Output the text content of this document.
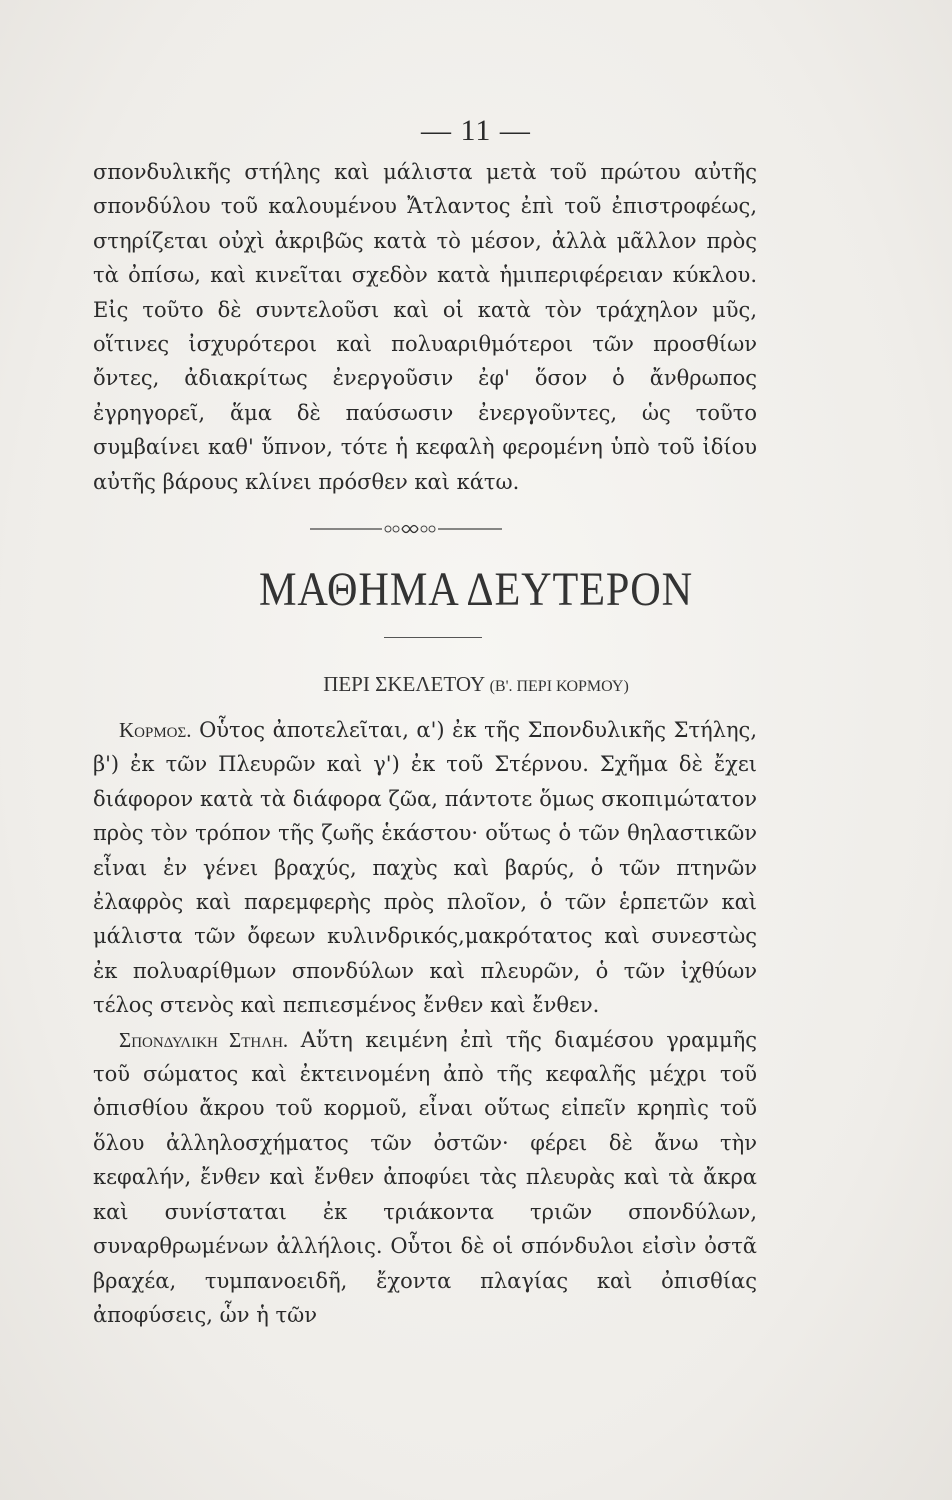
— 11 —

σπονδυλικῆς στήλης καὶ μάλιστα μετὰ τοῦ πρώτου αὐτῆς σπονδύλου τοῦ καλουμένου Ἄτλαντος ἐπὶ τοῦ ἐπιστροφέως, στηρίζεται οὐχὶ ἀκριβῶς κατὰ τὸ μέσον, ἀλλὰ μᾶλλον πρὸς τὰ ὀπίσω, καὶ κινεῖται σχεδὸν κατὰ ἡμιπεριφέρειαν κύκλου. Εἰς τοῦτο δὲ συντελοῦσι καὶ οἱ κατὰ τὸν τράχηλον μῦς, οἵτινες ἰσχυρότεροι καὶ πολυαριθμότεροι τῶν προσθίων ὄντες, ἀδιακρίτως ἐνεργοῦσιν ἐφ' ὅσον ὁ ἄνθρωπος ἐγρηγορεῖ, ἅμα δὲ παύσωσιν ἐνεργοῦντες, ὡς τοῦτο συμβαίνει καθ' ὕπνον, τότε ἡ κεφαλὴ φερομένη ὑπὸ τοῦ ἰδίου αὐτῆς βάρους κλίνει πρόσθεν καὶ κάτω.

ΜΑΘΗΜΑ ΔΕΥΤΕΡΟΝ
ΠΕΡΙ ΣΚΕΛΕΤΟΥ (Β'. ΠΕΡΙ ΚΟΡΜΟΥ)

Κορμος. Οὗτος ἀποτελεῖται, α') ἐκ τῆς Σπονδυλικῆς Στήλης, β') ἐκ τῶν Πλευρῶν καὶ γ') ἐκ τοῦ Στέρνου. Σχῆμα δὲ ἔχει διάφορον κατὰ τὰ διάφορα ζῶα, πάντοτε ὅμως σκοπιμώτατον πρὸς τὸν τρόπον τῆς ζωῆς ἑκάστου· οὕτως ὁ τῶν θηλαστικῶν εἶναι ἐν γένει βραχύς, παχὺς καὶ βαρύς, ὁ τῶν πτηνῶν ἐλαφρὸς καὶ παρεμφερὴς πρὸς πλοῖον, ὁ τῶν ἑρπετῶν καὶ μάλιστα τῶν ὄφεων κυλινδρικός,μακρότατος καὶ συνεστὼς ἐκ πολυαρίθμων σπονδύλων καὶ πλευρῶν, ὁ τῶν ἰχθύων τέλος στενὸς καὶ πεπιεσμένος ἔνθεν καὶ ἔνθεν.

Σπονδυλικη Στηλη. Αὕτη κειμένη ἐπὶ τῆς διαμέσου γραμμῆς τοῦ σώματος καὶ ἐκτεινομένη ἀπὸ τῆς κεφαλῆς μέχρι τοῦ ὀπισθίου ἄκρου τοῦ κορμοῦ, εἶναι οὕτως εἰπεῖν κρηπὶς τοῦ ὅλου ἀλληλοσχήματος τῶν ὀστῶν· φέρει δὲ ἄνω τὴν κεφαλήν, ἔνθεν καὶ ἔνθεν ἀποφύει τὰς πλευρὰς καὶ τὰ ἄκρα καὶ συνίσταται ἐκ τριάκοντα τριῶν σπονδύλων, συναρθρωμένων ἀλλήλοις. Οὗτοι δὲ οἱ σπόνδυλοι εἰσὶν ὀστᾶ βραχέα, τυμπανοειδῆ, ἔχοντα πλαγίας καὶ ὀπισθίας ἀποφύσεις, ὧν ἡ τῶν
